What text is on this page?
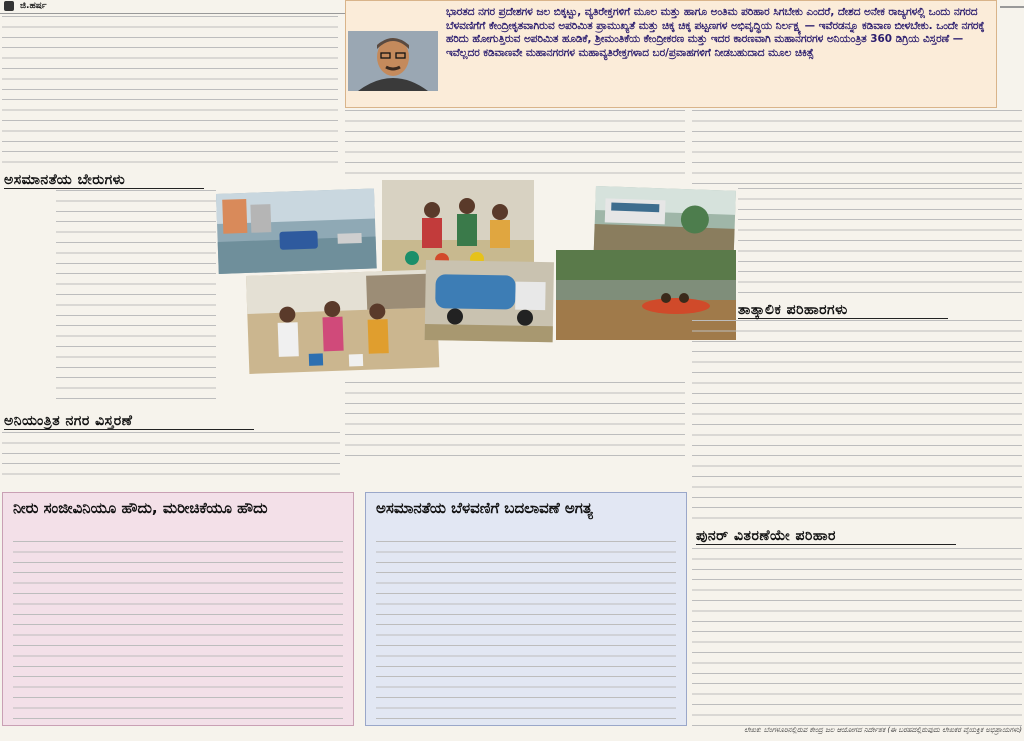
ಜಿ.ಹರ್ಷ	ಭಾರತದ ನಗರ ಪ್ರದೇಶಗಳ ಜಲ ಬಿಕ್ಕಟ್ಟು, ವ್ಯತಿರೇಕ್ತಗಳಿಗೆ ಮೂಲ ಮತ್ತು ಹಾಗೂ ಅಂತಿಮ ಪರಿಹಾರ ಸಿಗಬೇಕು ಎಂದರೆ, ದೇಶದ ಅನೇಕ ರಾಜ್ಯಗಳಲ್ಲಿ ಒಂದು ನಗರದ ಬೆಳವಣಿಗೆಗೆ ಕೇಂದ್ರೀಕೃತವಾಗಿರುವ ಅಪರಿಮಿತ ಪ್ರಾಮುಖ್ಯತೆ ಮತ್ತು ಚಿಕ್ಕ ಚಿಕ್ಕ ಪಟ್ಟಣಗಳ ಅಭಿವೃದ್ಧಿಯ ನಿರ್ಲಕ್ಷ್ಯ — ಇವೆರಡನ್ನೂ ಕಡಿವಾಣ ಬೀಳಬೇಕು. ಒಂದೇ ನಗರಕ್ಕೆ ಹರಿದು ಹೋಗುತ್ತಿರುವ ಅಪರಿಮಿತ ಹೂಡಿಕೆ, ಶ್ರೀಮಂತಿಕೆಯ ಕೇಂದ್ರೀಕರಣ ಮತ್ತು ಇದರ ಕಾರಣವಾಗಿ ಮಹಾನಗರಗಳ ಅನಿಯಂತ್ರಿತ 360 ಡಿಗ್ರಿಯ ವಿಸ್ತರಣೆ — ಇವೆಲ್ಲದರ ಕಡಿವಾಣವೇ ಮಹಾನಗರಗಳ ಮಹಾವ್ಯತಿರೇಕ್ತಗಳಾದ ಬರ/ಪ್ರವಾಹಗಳಿಗೆ ನೀಡಬಹುದಾದ ಮೂಲ ಚಿಕಿತ್ಸೆ
ಅಸಮಾನತೆಯ ಬೇರುಗಳು
ಅನಿಯಂತ್ರಿತ ನಗರ ವಿಸ್ತರಣೆ
ತಾತ್ಕಾಲಿಕ ಪರಿಹಾರಗಳು
ಪುನರ್ ವಿತರಣೆಯೇ ಪರಿಹಾರ
ನೀರು ಸಂಜೀವಿನಿಯೂ ಹೌದು, ಮರೀಚಿಕೆಯೂ ಹೌದು	ಅಸಮಾನತೆಯ ಬೆಳವಣಿಗೆ ಬದಲಾವಣೆ ಅಗತ್ಯ
ಲೇಖಕ: ಬೆಂಗಳೂರಿನಲ್ಲಿರುವ ಕೇಂದ್ರ ಜಲ ಆಯೋಗದ ನಿರ್ದೇಶಕ (ಈ ಬರಹದಲ್ಲಿರುವುದು ಲೇಖಕರ ವೈಯಕ್ತಿಕ ಅಭಿಪ್ರಾಯಗಳು)
